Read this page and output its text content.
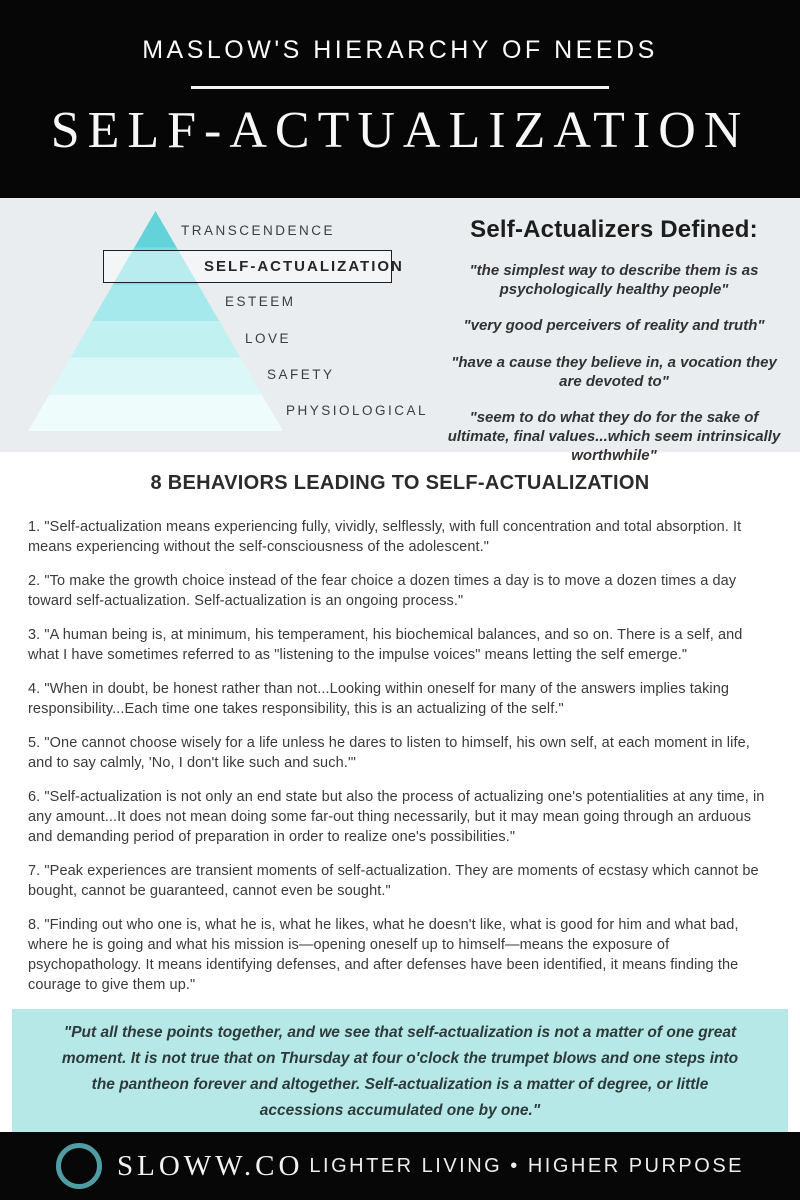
MASLOW'S HIERARCHY OF NEEDS
SELF-ACTUALIZATION
TRANSCENDENCE
SELF-ACTUALIZATION
ESTEEM
LOVE
SAFETY
PHYSIOLOGICAL
Self-Actualizers Defined:

"the simplest way to describe them is as psychologically healthy people"

"very good perceivers of reality and truth"

"have a cause they believe in, a vocation they are devoted to"

"seem to do what they do for the sake of ultimate, final values...which seem intrinsically worthwhile"

8 BEHAVIORS LEADING TO SELF-ACTUALIZATION

1. "Self-actualization means experiencing fully, vividly, selflessly, with full concentration and total absorption. It means experiencing without the self-consciousness of the adolescent."

2. "To make the growth choice instead of the fear choice a dozen times a day is to move a dozen times a day toward self-actualization. Self-actualization is an ongoing process."

3. "A human being is, at minimum, his temperament, his biochemical balances, and so on. There is a self, and what I have sometimes referred to as "listening to the impulse voices" means letting the self emerge."

4. "When in doubt, be honest rather than not...Looking within oneself for many of the answers implies taking responsibility...Each time one takes responsibility, this is an actualizing of the self."

5. "One cannot choose wisely for a life unless he dares to listen to himself, his own self, at each moment in life, and to say calmly, 'No, I don't like such and such.'"

6. "Self-actualization is not only an end state but also the process of actualizing one's potentialities at any time, in any amount...It does not mean doing some far-out thing necessarily, but it may mean going through an arduous and demanding period of preparation in order to realize one's possibilities."

7. "Peak experiences are transient moments of self-actualization. They are moments of ecstasy which cannot be bought, cannot be guaranteed, cannot even be sought."

8. "Finding out who one is, what he is, what he likes, what he doesn't like, what is good for him and what bad, where he is going and what his mission is—opening oneself up to himself—means the exposure of psychopathology. It means identifying defenses, and after defenses have been identified, it means finding the courage to give them up."

"Put all these points together, and we see that self-actualization is not a matter of one great moment. It is not true that on Thursday at four o'clock the trumpet blows and one steps into the pantheon forever and altogether. Self-actualization is a matter of degree, or little accessions accumulated one by one."
SLOWW.CO LIGHTER LIVING • HIGHER PURPOSE
